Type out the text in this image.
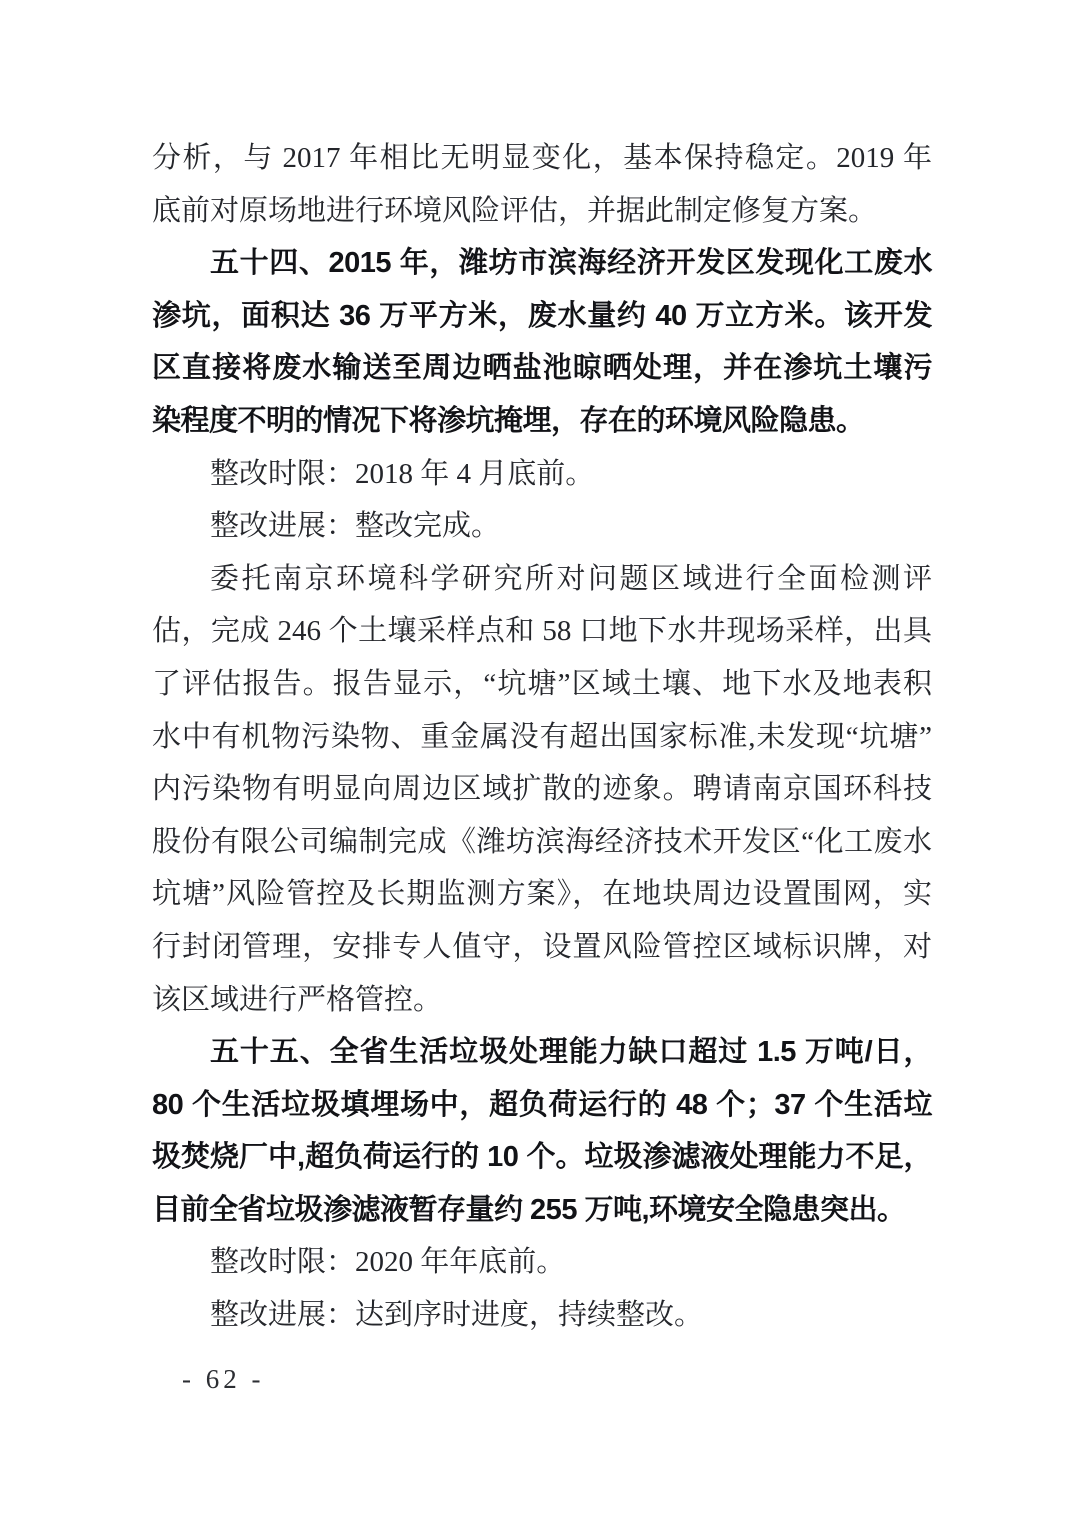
分析，与 2017 年相比无明显变化，基本保持稳定。2019 年
底前对原场地进行环境风险评估，并据此制定修复方案。
五十四、2015 年，潍坊市滨海经济开发区发现化工废水
渗坑，面积达 36 万平方米，废水量约 40 万立方米。该开发
区直接将废水输送至周边晒盐池晾晒处理，并在渗坑土壤污
染程度不明的情况下将渗坑掩埋，存在的环境风险隐患。
整改时限：2018 年 4 月底前。
整改进展：整改完成。
委托南京环境科学研究所对问题区域进行全面检测评
估，完成 246 个土壤采样点和 58 口地下水井现场采样，出具
了评估报告。报告显示，“坑塘”区域土壤、地下水及地表积
水中有机物污染物、重金属没有超出国家标准,未发现“坑塘”
内污染物有明显向周边区域扩散的迹象。聘请南京国环科技
股份有限公司编制完成《潍坊滨海经济技术开发区“化工废水
坑塘”风险管控及长期监测方案》，在地块周边设置围网，实
行封闭管理，安排专人值守，设置风险管控区域标识牌，对
该区域进行严格管控。
五十五、全省生活垃圾处理能力缺口超过 1.5 万吨/日，
80 个生活垃圾填埋场中，超负荷运行的 48 个；37 个生活垃
圾焚烧厂中,超负荷运行的 10 个。垃圾渗滤液处理能力不足，
目前全省垃圾渗滤液暂存量约 255 万吨,环境安全隐患突出。
整改时限：2020 年年底前。
整改进展：达到序时进度，持续整改。
- 62 -
